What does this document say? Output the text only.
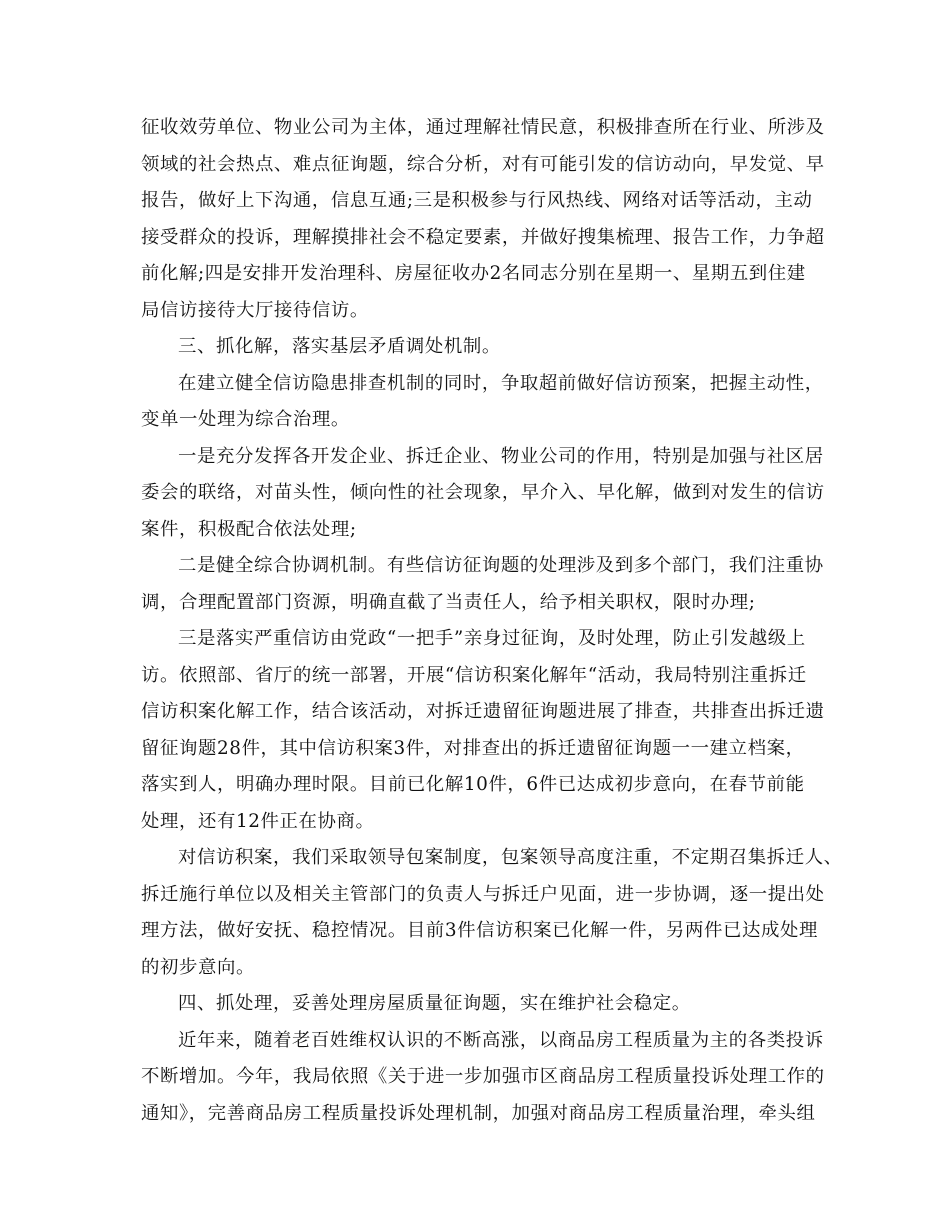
征收效劳单位、物业公司为主体，通过理解社情民意，积极排查所在行业、所涉及
领域的社会热点、难点征询题，综合分析，对有可能引发的信访动向，早发觉、早
报告，做好上下沟通，信息互通;三是积极参与行风热线、网络对话等活动，主动
接受群众的投诉，理解摸排社会不稳定要素，并做好搜集梳理、报告工作，力争超
前化解;四是安排开发治理科、房屋征收办2名同志分别在星期一、星期五到住建
局信访接待大厅接待信访。
三、抓化解，落实基层矛盾调处机制。
在建立健全信访隐患排查机制的同时，争取超前做好信访预案，把握主动性，
变单一处理为综合治理。
一是充分发挥各开发企业、拆迁企业、物业公司的作用，特别是加强与社区居
委会的联络，对苗头性，倾向性的社会现象，早介入、早化解，做到对发生的信访
案件，积极配合依法处理;
二是健全综合协调机制。有些信访征询题的处理涉及到多个部门，我们注重协
调，合理配置部门资源，明确直截了当责任人，给予相关职权，限时办理;
三是落实严重信访由党政“一把手”亲身过征询，及时处理，防止引发越级上
访。依照部、省厅的统一部署，开展“信访积案化解年“活动，我局特别注重拆迁
信访积案化解工作，结合该活动，对拆迁遗留征询题进展了排查，共排查出拆迁遗
留征询题28件，其中信访积案3件，对排查出的拆迁遗留征询题一一建立档案，
落实到人，明确办理时限。目前已化解10件，6件已达成初步意向，在春节前能
处理，还有12件正在协商。
对信访积案，我们采取领导包案制度，包案领导高度注重，不定期召集拆迁人、
拆迁施行单位以及相关主管部门的负责人与拆迁户见面，进一步协调，逐一提出处
理方法，做好安抚、稳控情况。目前3件信访积案已化解一件，另两件已达成处理
的初步意向。
四、抓处理，妥善处理房屋质量征询题，实在维护社会稳定。
近年来，随着老百姓维权认识的不断高涨，以商品房工程质量为主的各类投诉
不断增加。今年，我局依照《关于进一步加强市区商品房工程质量投诉处理工作的
通知》，完善商品房工程质量投诉处理机制，加强对商品房工程质量治理，牵头组
